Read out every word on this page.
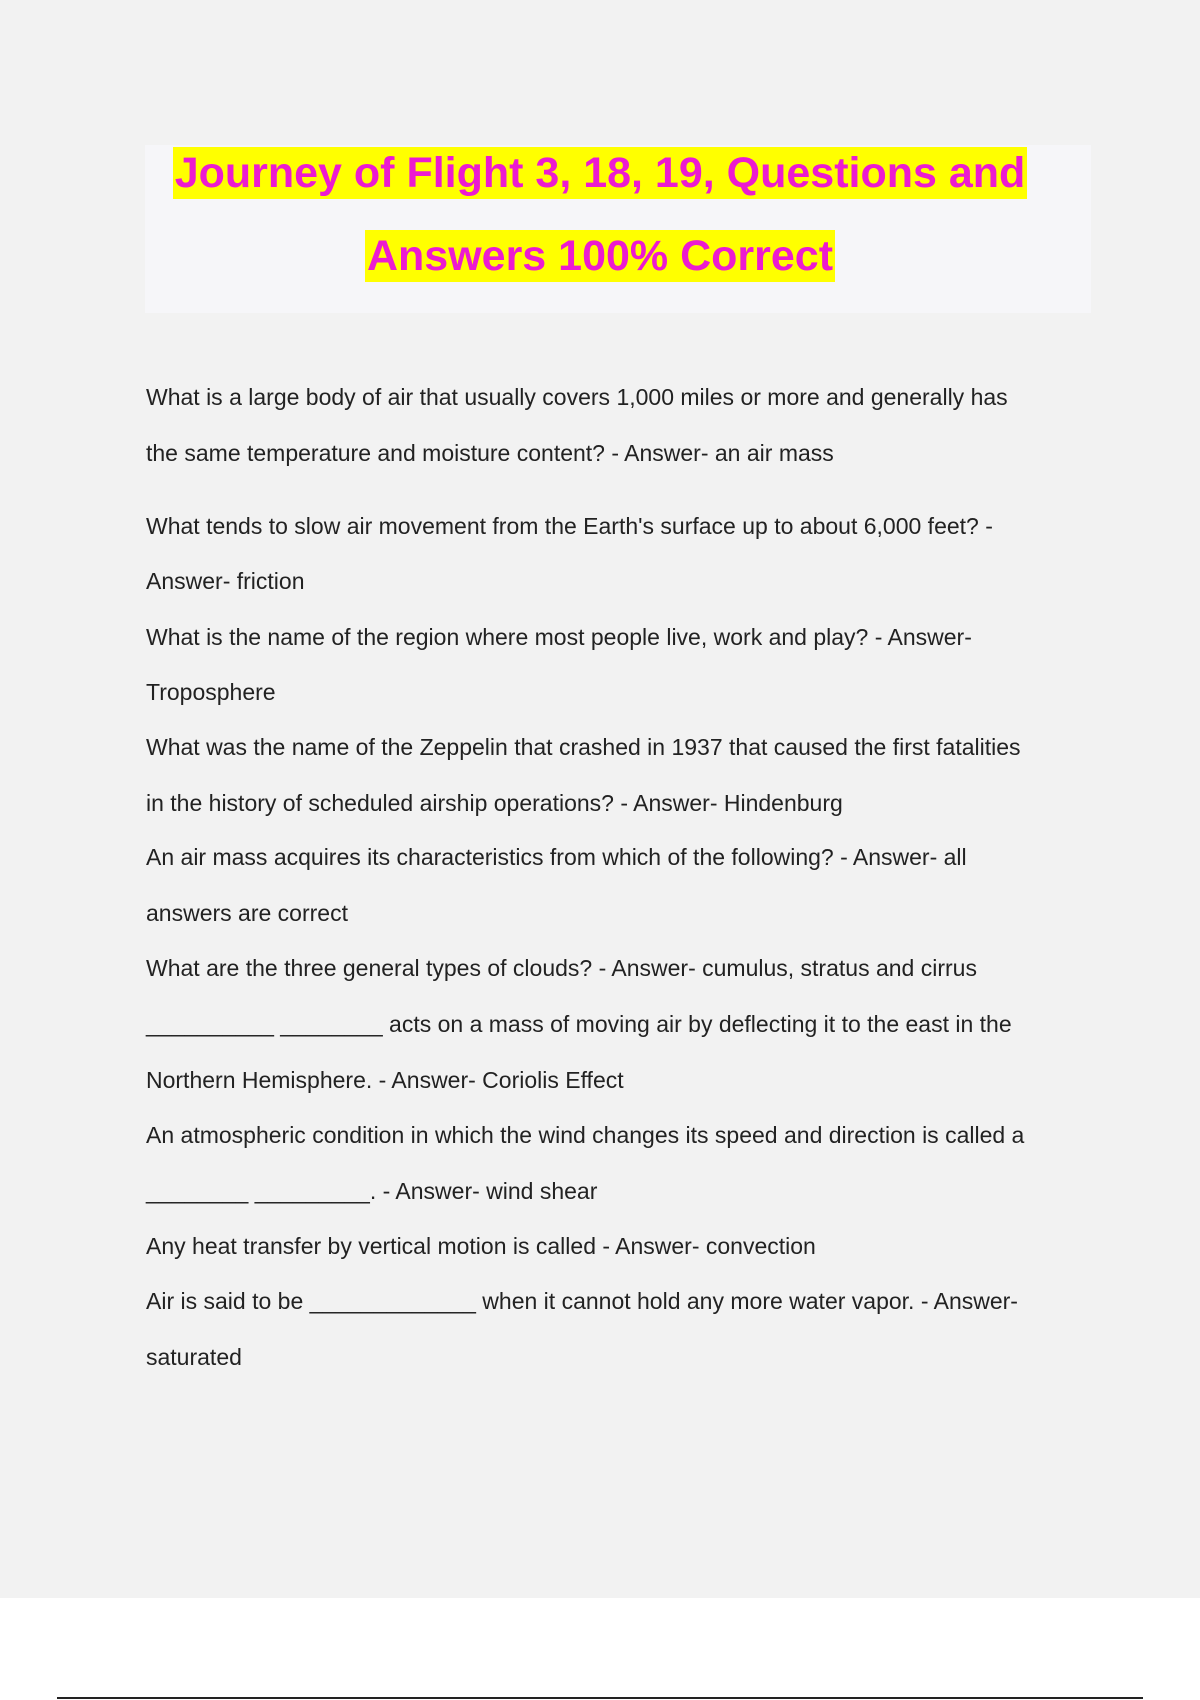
Journey of Flight 3, 18, 19, Questions and
Answers 100% Correct
What is a large body of air that usually covers 1,000 miles or more and generally has
the same temperature and moisture content? - Answer- an air mass
What tends to slow air movement from the Earth's surface up to about 6,000 feet? -
Answer- friction
What is the name of the region where most people live, work and play? - Answer-
Troposphere
What was the name of the Zeppelin that crashed in 1937 that caused the first fatalities
in the history of scheduled airship operations? - Answer- Hindenburg
An air mass acquires its characteristics from which of the following? - Answer- all
answers are correct
What are the three general types of clouds? - Answer- cumulus, stratus and cirrus
__________ ________ acts on a mass of moving air by deflecting it to the east in the
Northern Hemisphere. - Answer- Coriolis Effect
An atmospheric condition in which the wind changes its speed and direction is called a
________ _________. - Answer- wind shear
Any heat transfer by vertical motion is called - Answer- convection
Air is said to be _____________ when it cannot hold any more water vapor. - Answer-
saturated
